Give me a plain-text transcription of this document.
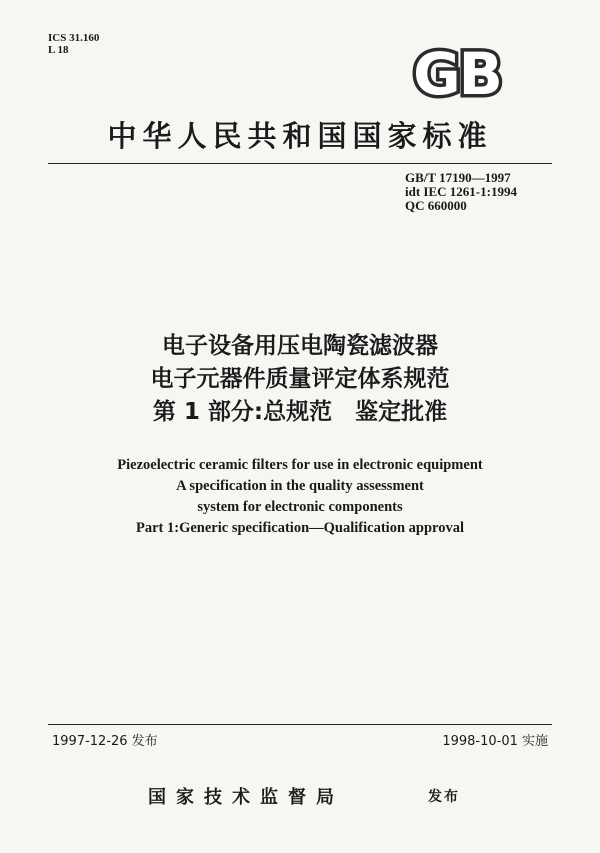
ICS 31.160
L 18	GB
中华人民共和国国家标准
GB/T 17190—1997
idt IEC 1261-1:1994
QC 660000
电子设备用压电陶瓷滤波器
电子元器件质量评定体系规范
第 1 部分:总规范　鉴定批准
Piezoelectric ceramic filters for use in electronic equipment
A specification in the quality assessment
system for electronic components
Part 1:Generic specification—Qualification approval
1997-12-26 发布	1998-10-01 实施
国家技术监督局	发布
